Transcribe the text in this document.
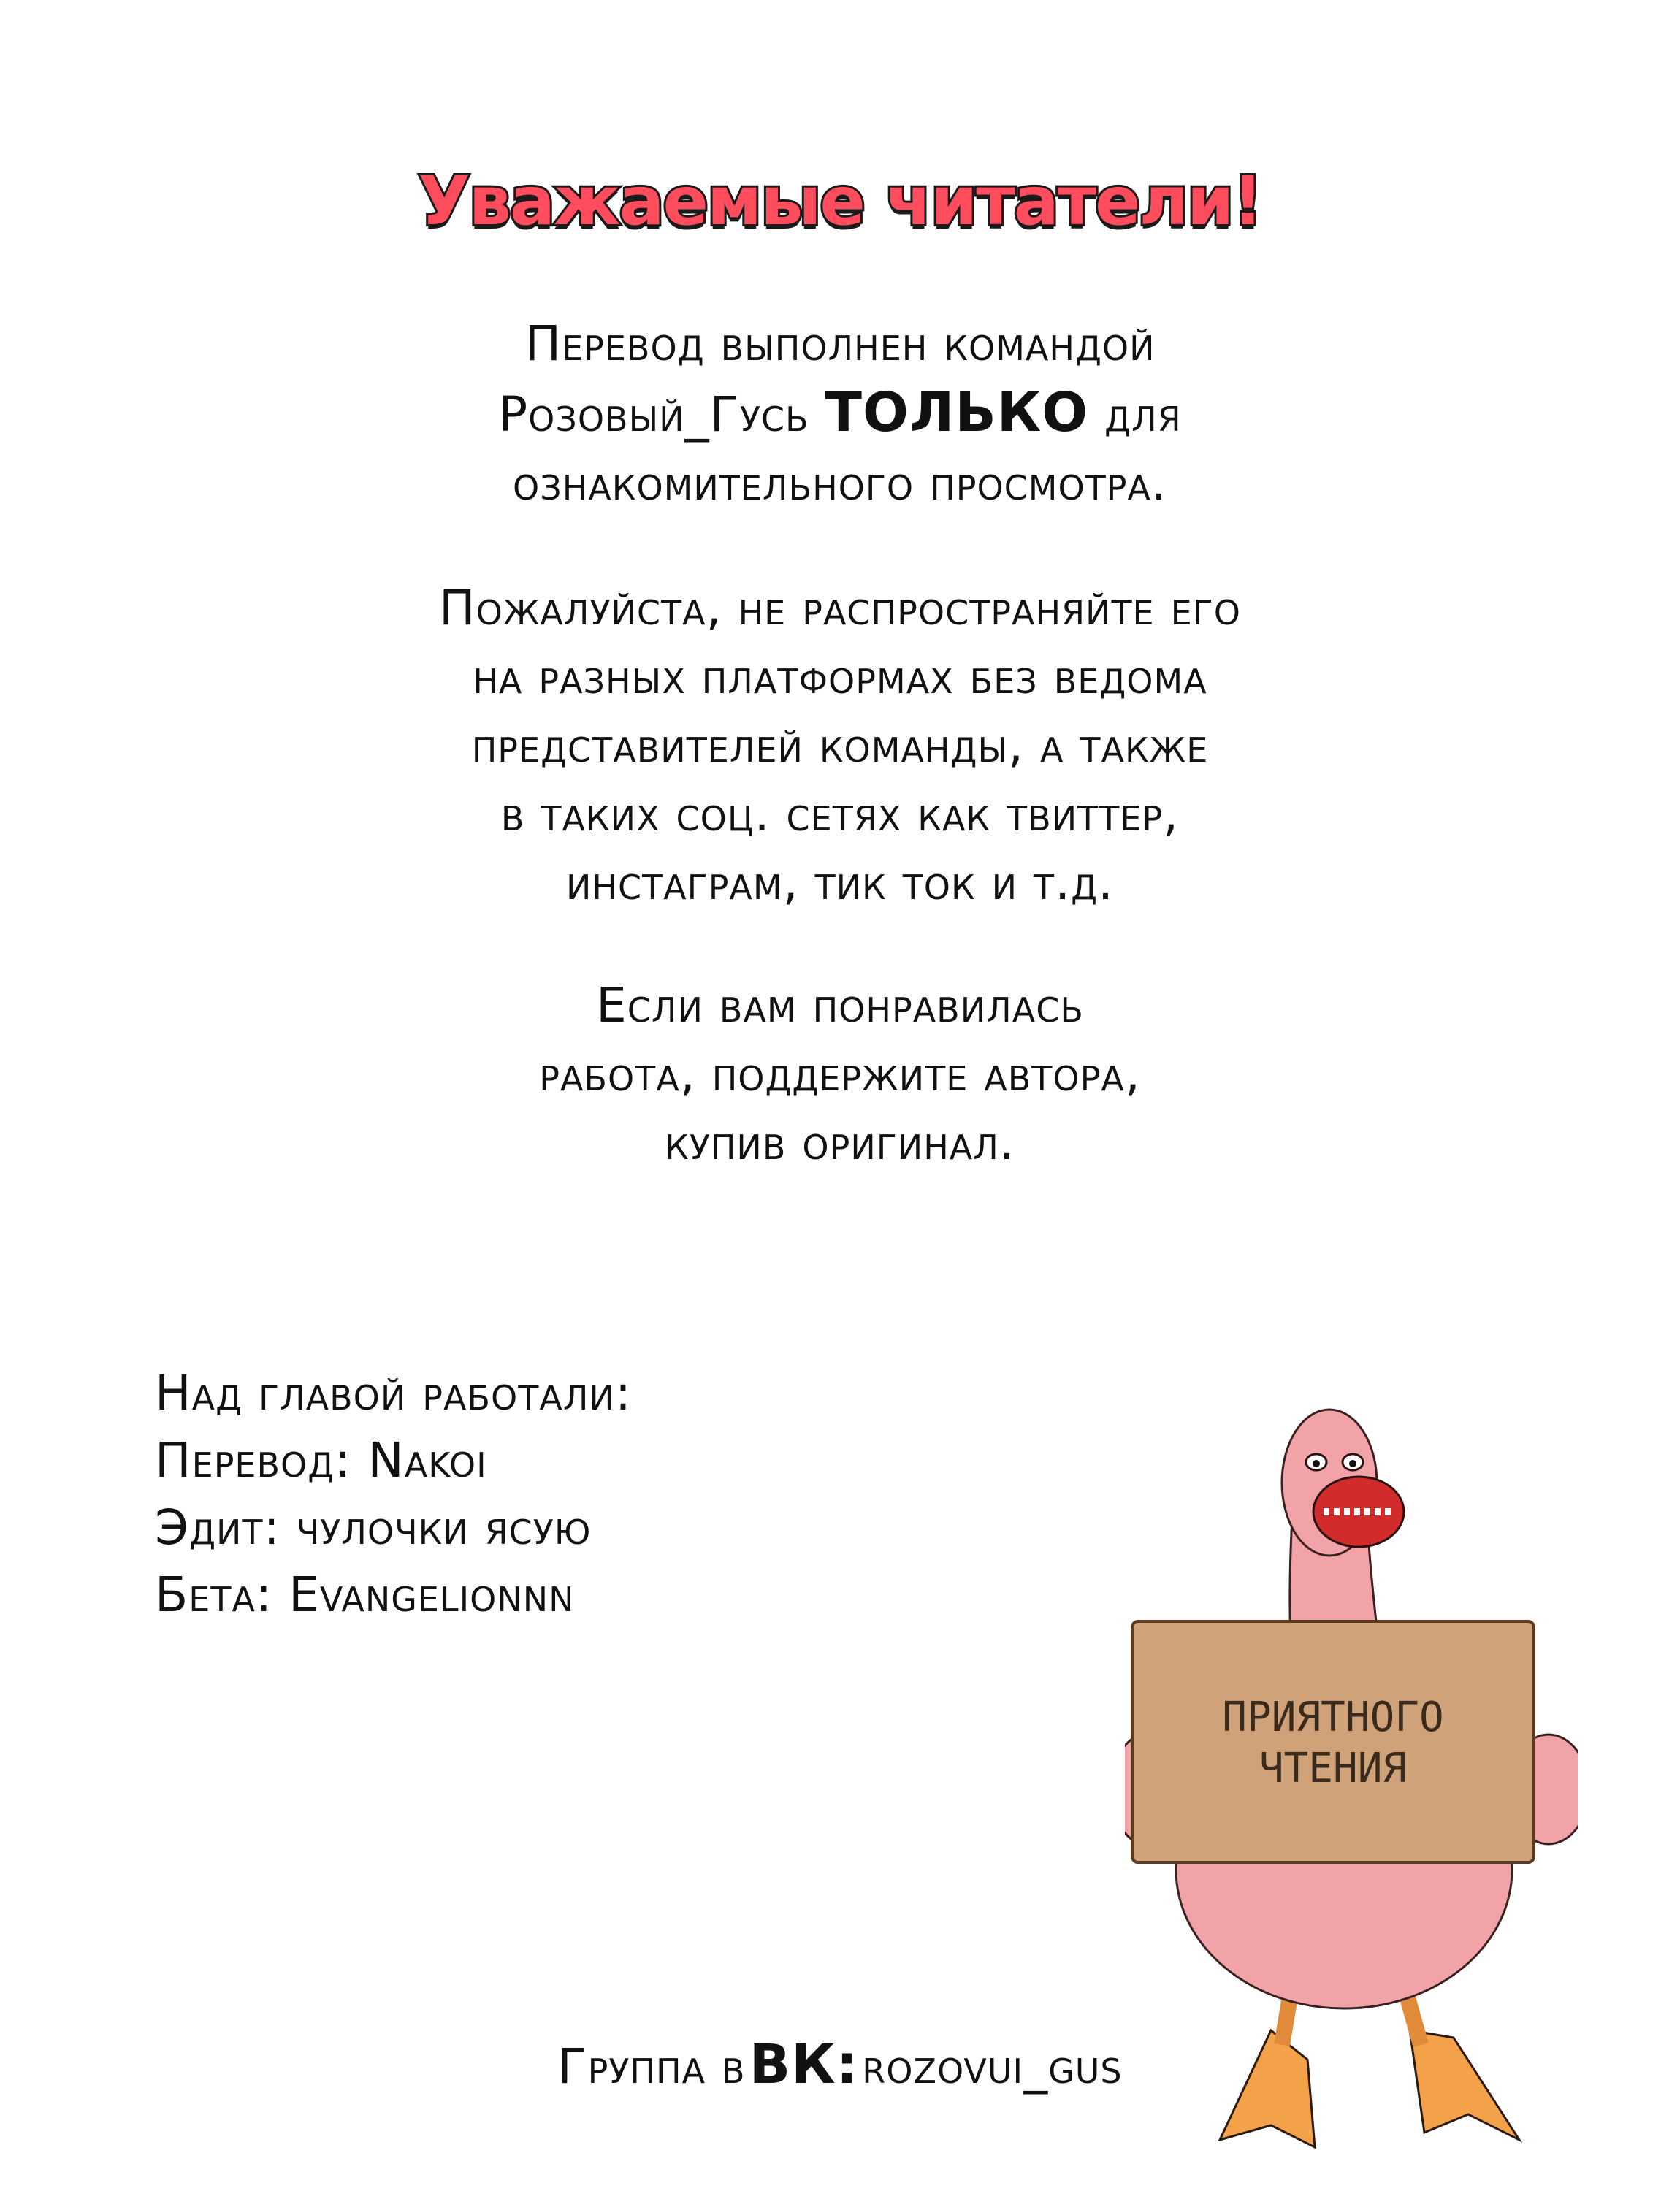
Уважаемые читатели!
Перевод выполнен командой
Розовый_Гусь ТОЛЬКО для
ознакомительного просмотра.
Пожалуйста, не распространяйте его
на разных платформах без ведома
представителей команды, а также
в таких соц. сетях как твиттер,
инстаграм, тик ток и т.д.
Если вам понравилась
работа, поддержите автора,
купив оригинал.
Над главой работали:
Перевод: Nakoi
Эдит: чулочки ясую
Бета: Evangelionnn
ПРИЯТНОГО
ЧТЕНИЯ
Группа в ВК: rozovui_gus
